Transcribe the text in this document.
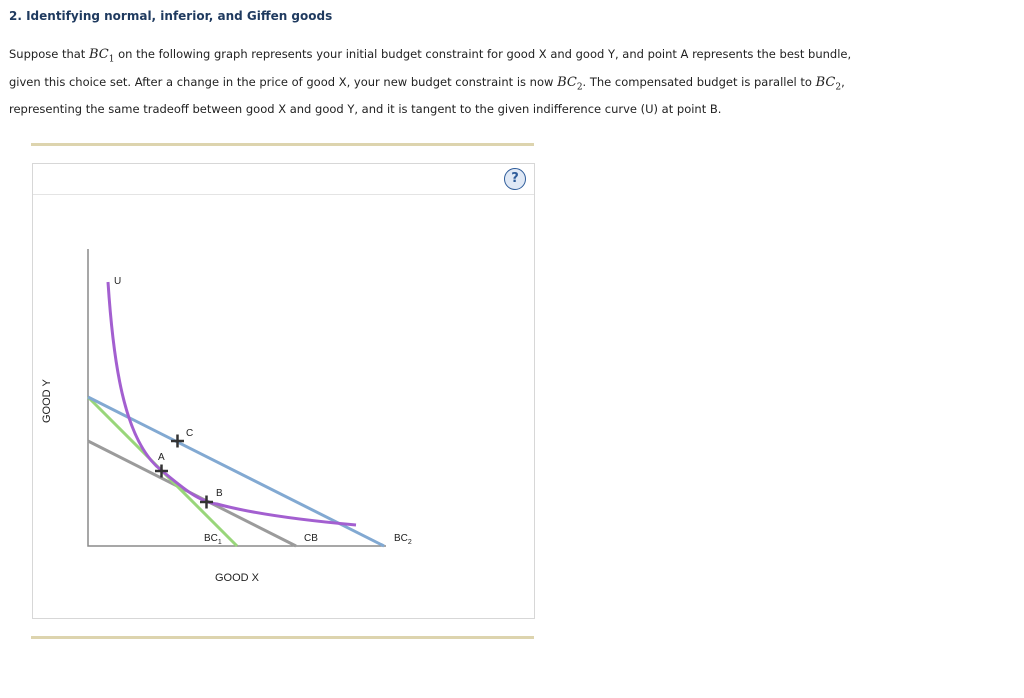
2. Identifying normal, inferior, and Giffen goods
Suppose that $BC_1$ on the following graph represents your initial budget constraint for good X and good Y, and point A represents the best bundle,
given this choice set. After a change in the price of good X, your new budget constraint is now $BC_2$. The compensated budget is parallel to $BC_2$,
representing the same tradeoff between good X and good Y, and it is tangent to the given indifference curve (U) at point B.
?
U
A
B
C
$BC_1$	CB	$BC_2$
GOOD X
GOOD Y
